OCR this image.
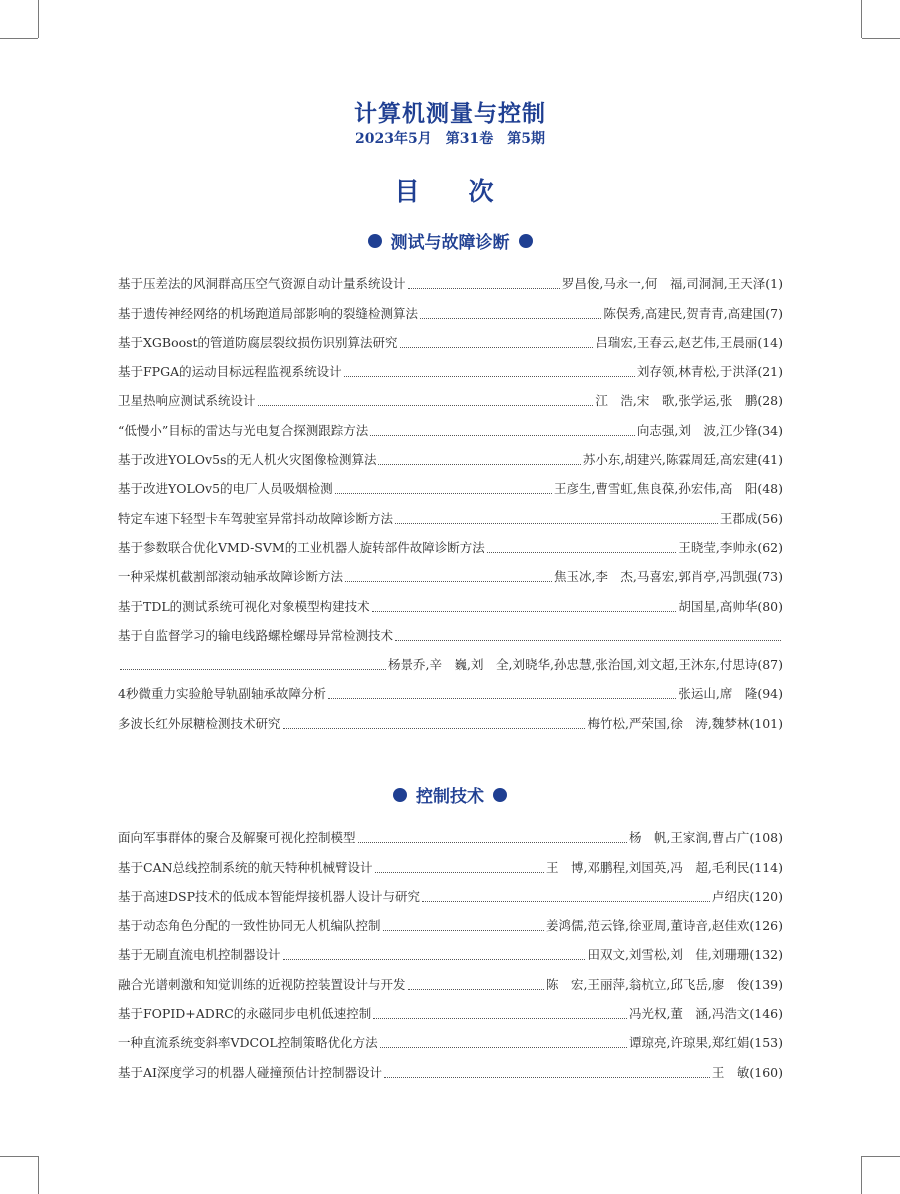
计算机测量与控制
2023年5月　第31卷　第5期
目　次
测试与故障诊断
基于压差法的风洞群高压空气资源自动计量系统设计	罗昌俊,马永一,何　福,司洞洞,王天泽(1)
基于遗传神经网络的机场跑道局部影响的裂缝检测算法	陈俣秀,高建民,贺青青,高建国(7)
基于XGBoost的管道防腐层裂纹损伤识别算法研究	吕瑞宏,王春云,赵艺伟,王晨丽(14)
基于FPGA的运动目标远程监视系统设计	刘存领,林青松,于洪泽(21)
卫星热响应测试系统设计	江　浩,宋　歌,张学运,张　鹏(28)
“低慢小”目标的雷达与光电复合探测跟踪方法	向志强,刘　波,江少锋(34)
基于改进YOLOv5s的无人机火灾图像检测算法	苏小东,胡建兴,陈霖周廷,高宏建(41)
基于改进YOLOv5的电厂人员吸烟检测	王彦生,曹雪虹,焦良葆,孙宏伟,高　阳(48)
特定车速下轻型卡车驾驶室异常抖动故障诊断方法	王郡成(56)
基于参数联合优化VMD-SVM的工业机器人旋转部件故障诊断方法	王晓莹,李帅永(62)
一种采煤机截割部滚动轴承故障诊断方法	焦玉冰,李　杰,马喜宏,郭肖亭,冯凯强(73)
基于TDL的测试系统可视化对象模型构建技术	胡国星,高帅华(80)
基于自监督学习的输电线路螺栓螺母异常检测技术
杨景乔,辛　巍,刘　全,刘晓华,孙忠慧,张治国,刘文超,王沐东,付思诗(87)
4秒微重力实验舱导轨副轴承故障分析	张运山,席　隆(94)
多波长红外尿糖检测技术研究	梅竹松,严荣国,徐　涛,魏梦林(101)
控制技术
面向军事群体的聚合及解聚可视化控制模型	杨　帆,王家润,曹占广(108)
基于CAN总线控制系统的航天特种机械臂设计	王　博,邓鹏程,刘国英,冯　超,毛利民(114)
基于高速DSP技术的低成本智能焊接机器人设计与研究	卢绍庆(120)
基于动态角色分配的一致性协同无人机编队控制	姜鸿儒,范云锋,徐亚周,董诗音,赵佳欢(126)
基于无刷直流电机控制器设计	田双文,刘雪松,刘　佳,刘珊珊(132)
融合光谱刺激和知觉训练的近视防控装置设计与开发	陈　宏,王丽萍,翁杭立,邱飞岳,廖　俊(139)
基于FOPID+ADRC的永磁同步电机低速控制	冯光权,董　涵,冯浩文(146)
一种直流系统变斜率VDCOL控制策略优化方法	谭琼亮,许琼果,郑红娟(153)
基于AI深度学习的机器人碰撞预估计控制器设计	王　敏(160)
